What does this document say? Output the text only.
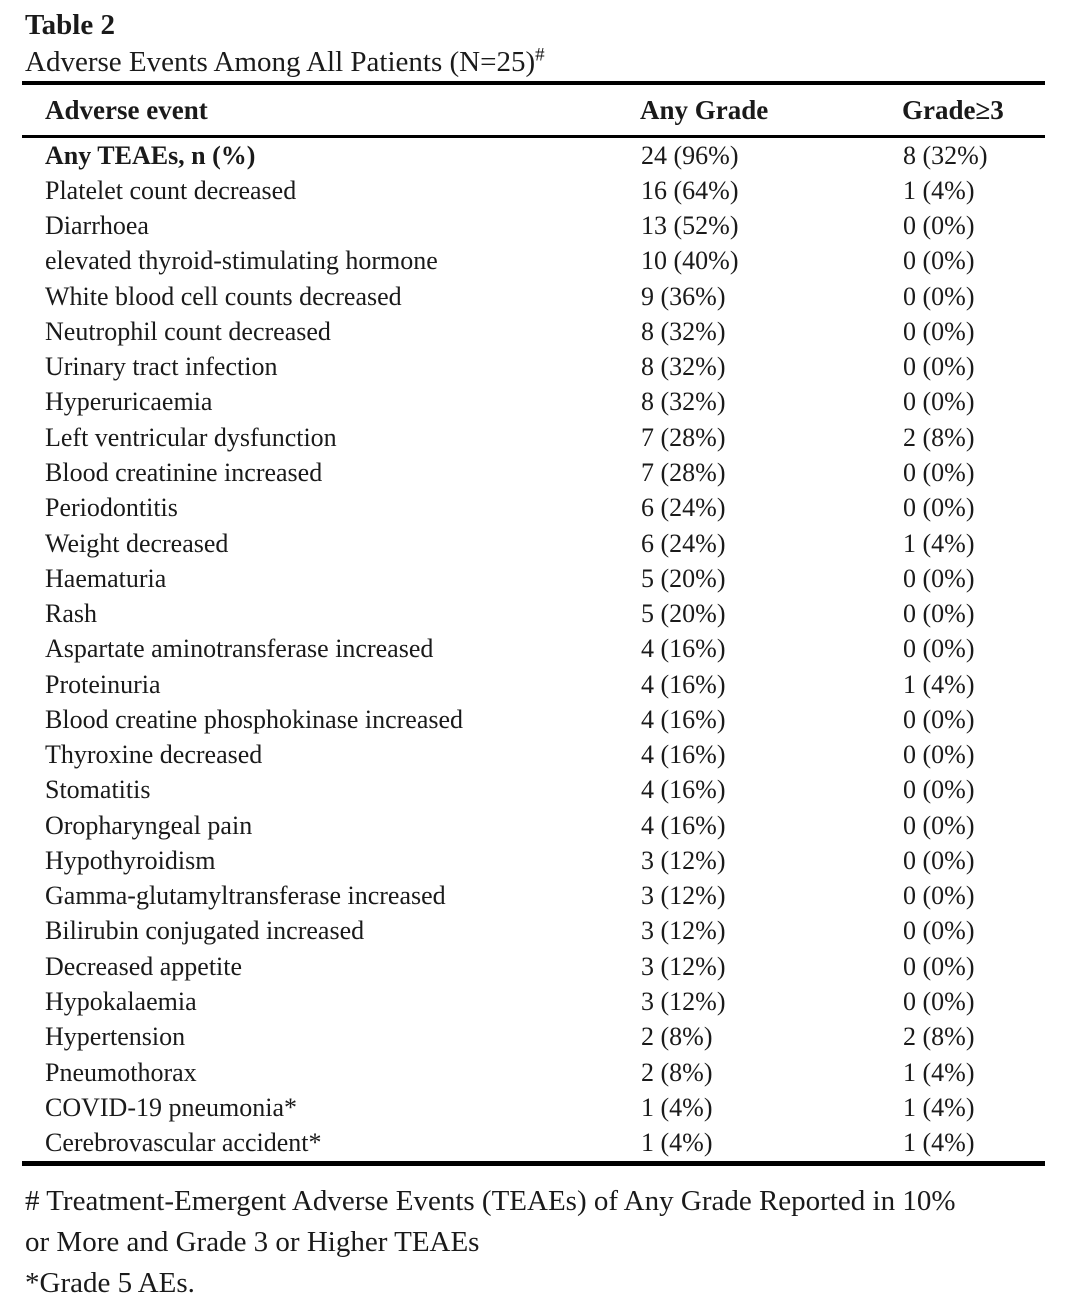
Table 2
Adverse Events Among All Patients (N=25)#
Adverse event	Any Grade	Grade≥3
Any TEAEs, n (%)	24 (96%)	8 (32%)
Platelet count decreased	16 (64%)	1 (4%)
Diarrhoea	13 (52%)	0 (0%)
elevated thyroid-stimulating hormone	10 (40%)	0 (0%)
White blood cell counts decreased	9 (36%)	0 (0%)
Neutrophil count decreased	8 (32%)	0 (0%)
Urinary tract infection	8 (32%)	0 (0%)
Hyperuricaemia	8 (32%)	0 (0%)
Left ventricular dysfunction	7 (28%)	2 (8%)
Blood creatinine increased	7 (28%)	0 (0%)
Periodontitis	6 (24%)	0 (0%)
Weight decreased	6 (24%)	1 (4%)
Haematuria	5 (20%)	0 (0%)
Rash	5 (20%)	0 (0%)
Aspartate aminotransferase increased	4 (16%)	0 (0%)
Proteinuria	4 (16%)	1 (4%)
Blood creatine phosphokinase increased	4 (16%)	0 (0%)
Thyroxine decreased	4 (16%)	0 (0%)
Stomatitis	4 (16%)	0 (0%)
Oropharyngeal pain	4 (16%)	0 (0%)
Hypothyroidism	3 (12%)	0 (0%)
Gamma-glutamyltransferase increased	3 (12%)	0 (0%)
Bilirubin conjugated increased	3 (12%)	0 (0%)
Decreased appetite	3 (12%)	0 (0%)
Hypokalaemia	3 (12%)	0 (0%)
Hypertension	2 (8%)	2 (8%)
Pneumothorax	2 (8%)	1 (4%)
COVID-19 pneumonia*	1 (4%)	1 (4%)
Cerebrovascular accident*	1 (4%)	1 (4%)

# Treatment-Emergent Adverse Events (TEAEs) of Any Grade Reported in 10%

or More and Grade 3 or Higher TEAEs

*Grade 5 AEs.
